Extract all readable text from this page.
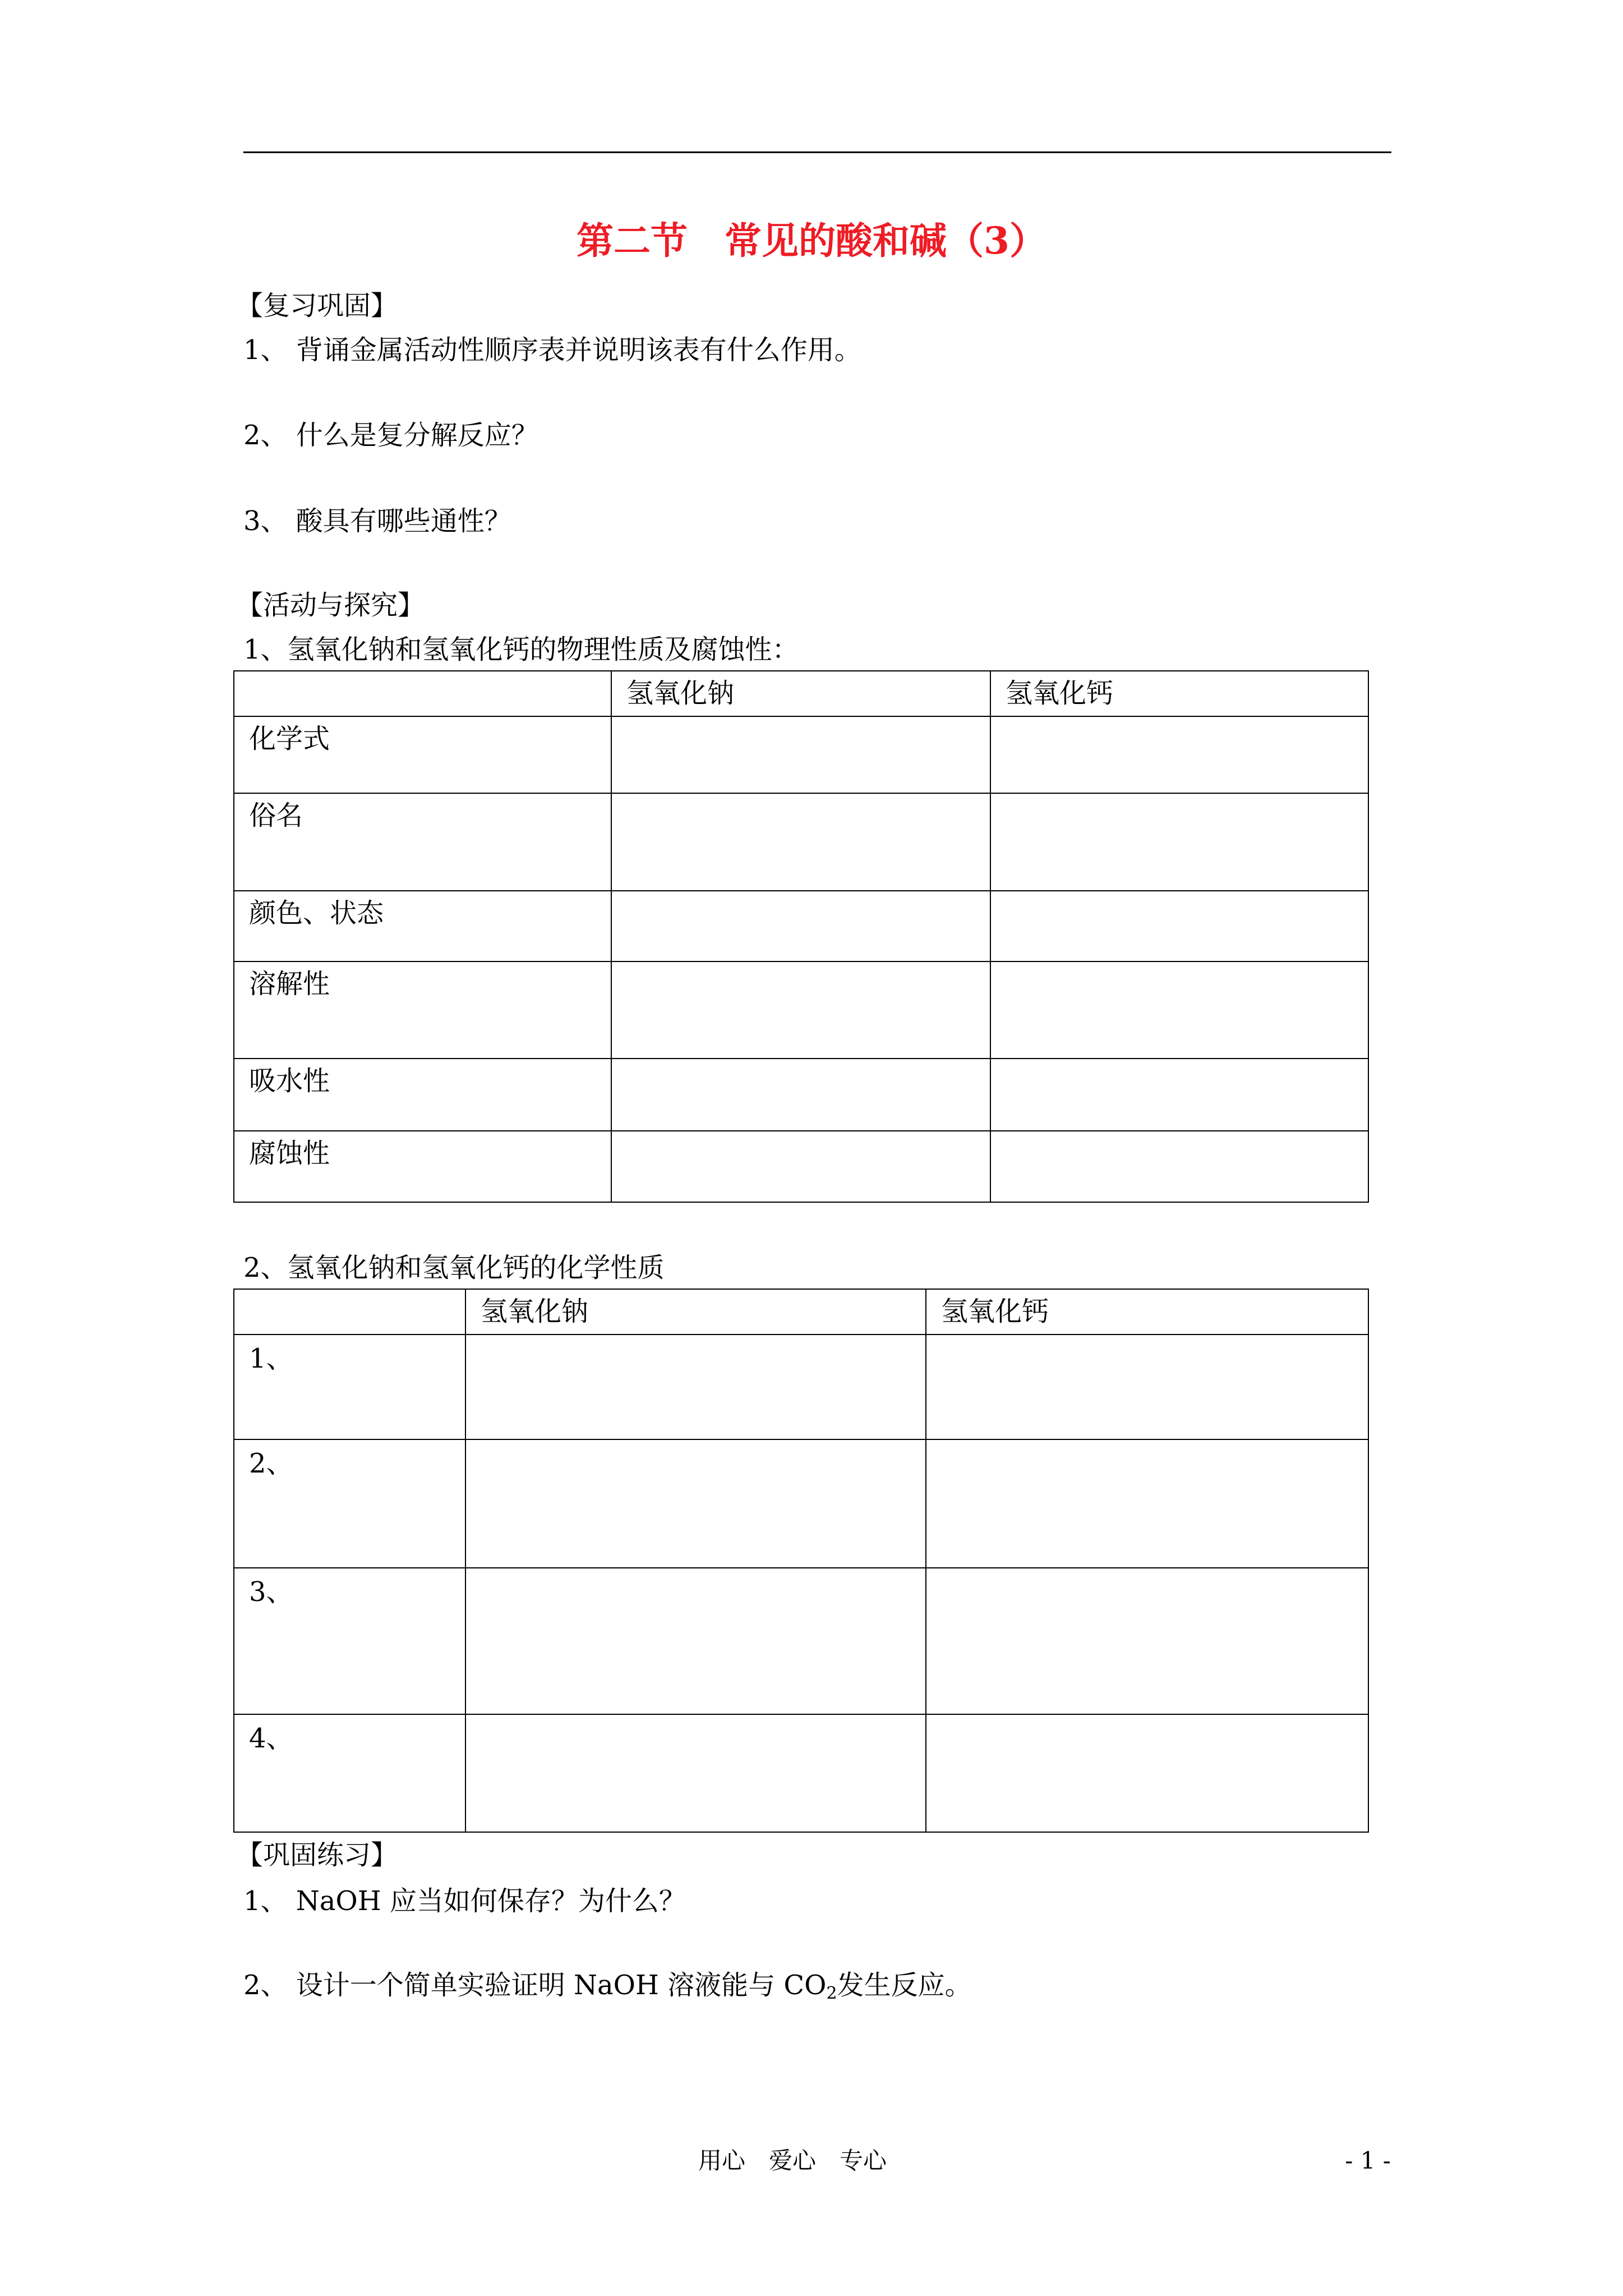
第二节　常见的酸和碱（3）
【复习巩固】
1、 背诵金属活动性顺序表并说明该表有什么作用。
2、 什么是复分解反应？
3、 酸具有哪些通性？
【活动与探究】
1、氢氧化钠和氢氧化钙的物理性质及腐蚀性：
	氢氧化钠	氢氧化钙
化学式		
俗名		
颜色、状态		
溶解性		
吸水性		
腐蚀性		
2、氢氧化钠和氢氧化钙的化学性质
	氢氧化钠	氢氧化钙
1、		
2、		
3、		
4、		
【巩固练习】
1、 NaOH 应当如何保存？为什么？
2、 设计一个简单实验证明 NaOH 溶液能与 $CO_2$发生反应。
用心　爱心　专心	- 1 -
